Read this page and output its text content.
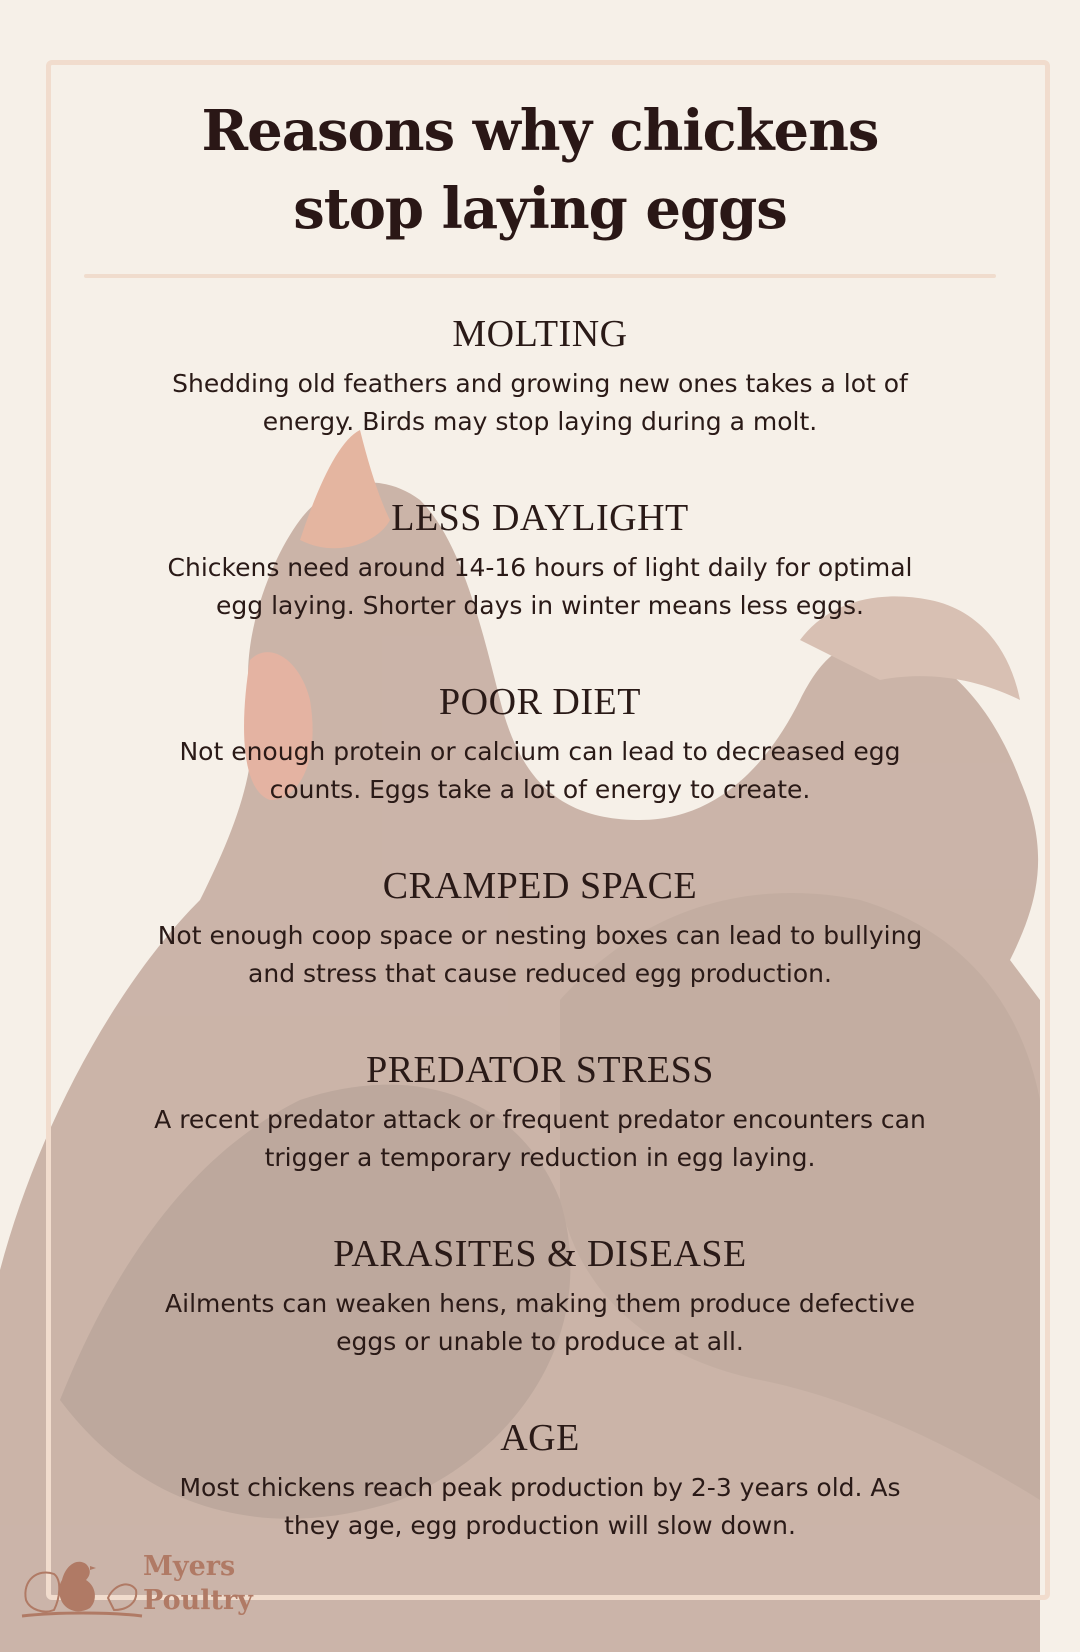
Reasons why chickens
stop laying eggs
MOLTING

Shedding old feathers and growing new ones takes a lot of
energy. Birds may stop laying during a molt.

LESS DAYLIGHT

Chickens need around 14-16 hours of light daily for optimal
egg laying. Shorter days in winter means less eggs.

POOR DIET

Not enough protein or calcium can lead to decreased egg
counts. Eggs take a lot of energy to create.

CRAMPED SPACE

Not enough coop space or nesting boxes can lead to bullying
and stress that cause reduced egg production.

PREDATOR STRESS

A recent predator attack or frequent predator encounters can
trigger a temporary reduction in egg laying.

PARASITES & DISEASE

Ailments can weaken hens, making them produce defective
eggs or unable to produce at all.

AGE

Most chickens reach peak production by 2-3 years old. As
they age, egg production will slow down.

Myers
Poultry
